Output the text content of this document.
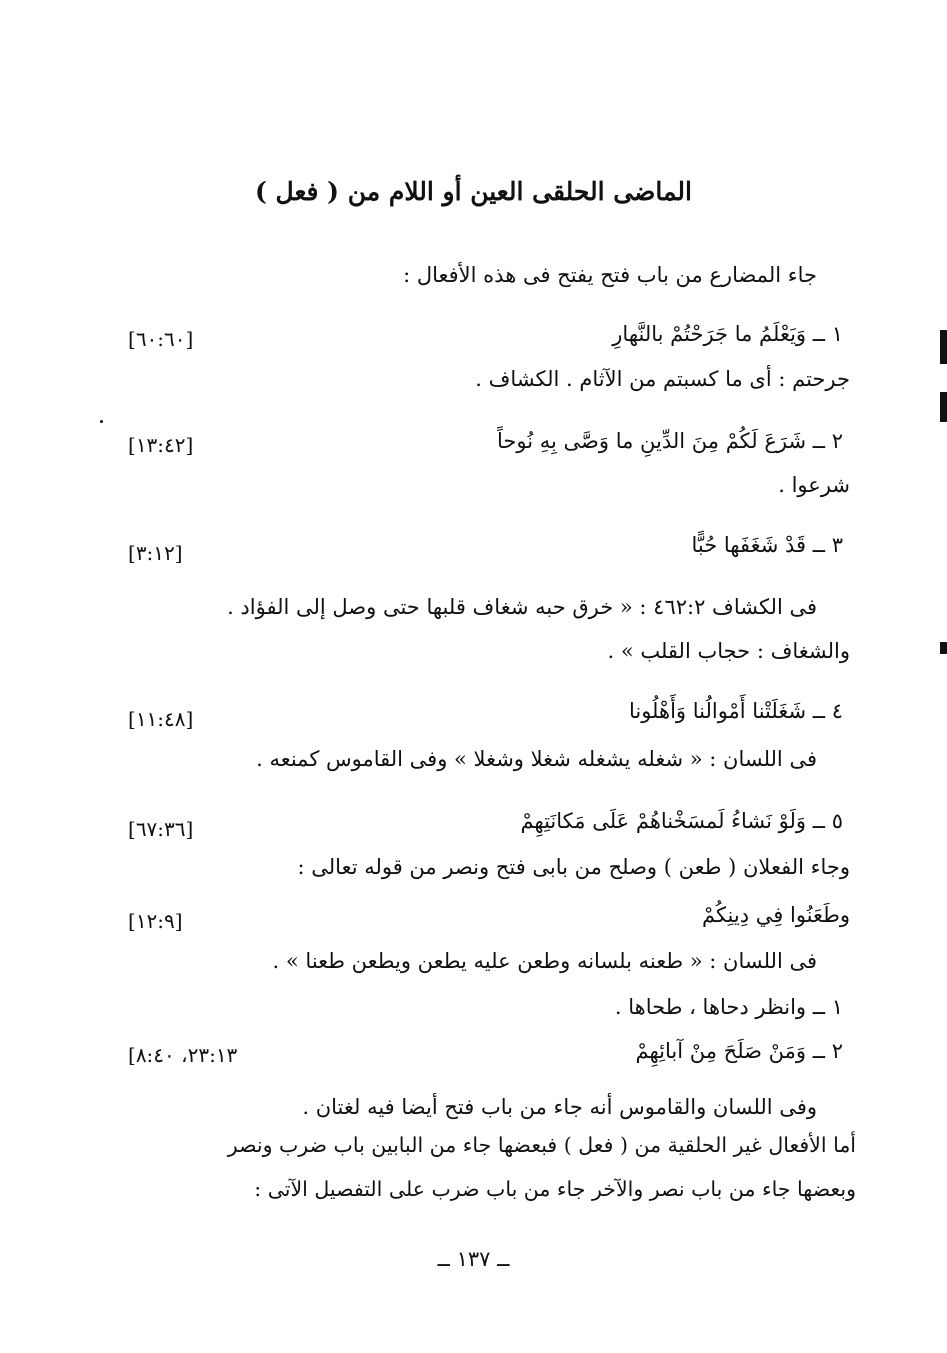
الماضى الحلقى العين أو اللام من ( فعل )
جاء المضارع من باب فتح يفتح فى هذه الأفعال :
١ ــ وَيَعْلَمُ ما جَرَحْتُمْ بالنَّهارِ
[٦٠:٦٠]
جرحتم : أى ما كسبتم من الآثام . الكشاف .
٢ ــ شَرَعَ لَكُمْ مِنَ الدِّينِ ما وَصَّى بِهِ نُوحاً
[١٣:٤٢]
شرعوا .
٣ ــ قَدْ شَغَفَها حُبًّا
[٣:١٢]
فى الكشاف ٤٦٢:٢ : « خرق حبه شغاف قلبها حتى وصل إلى الفؤاد .
والشغاف : حجاب القلب » .
٤ ــ شَغَلَتْنا أَمْوالُنا وَأَهْلُونا
[١١:٤٨]
فى اللسان : « شغله يشغله شغلا وشغلا » وفى القاموس كمنعه .
٥ ــ وَلَوْ نَشاءُ لَمسَخْناهُمْ عَلَى مَكانَتِهِمْ
[٦٧:٣٦]
وجاء الفعلان ( طعن ) وصلح من بابى فتح ونصر من قوله تعالى :
وطَعَنُوا فِي دِينِكُمْ
[١٢:٩]
فى اللسان : « طعنه بلسانه وطعن عليه يطعن ويطعن طعنا » .
١ ــ وانظر دحاها ، طحاها .
٢ ــ وَمَنْ صَلَحَ مِنْ آبائِهِمْ
[٢٣:١٣، ٨:٤٠
وفى اللسان والقاموس أنه جاء من باب فتح أيضا فيه لغتان .
أما الأفعال غير الحلقية من ( فعل ) فبعضها جاء من البابين باب ضرب ونصر
وبعضها جاء من باب نصر والآخر جاء من باب ضرب على التفصيل الآتى :
ــ ١٣٧ ــ
